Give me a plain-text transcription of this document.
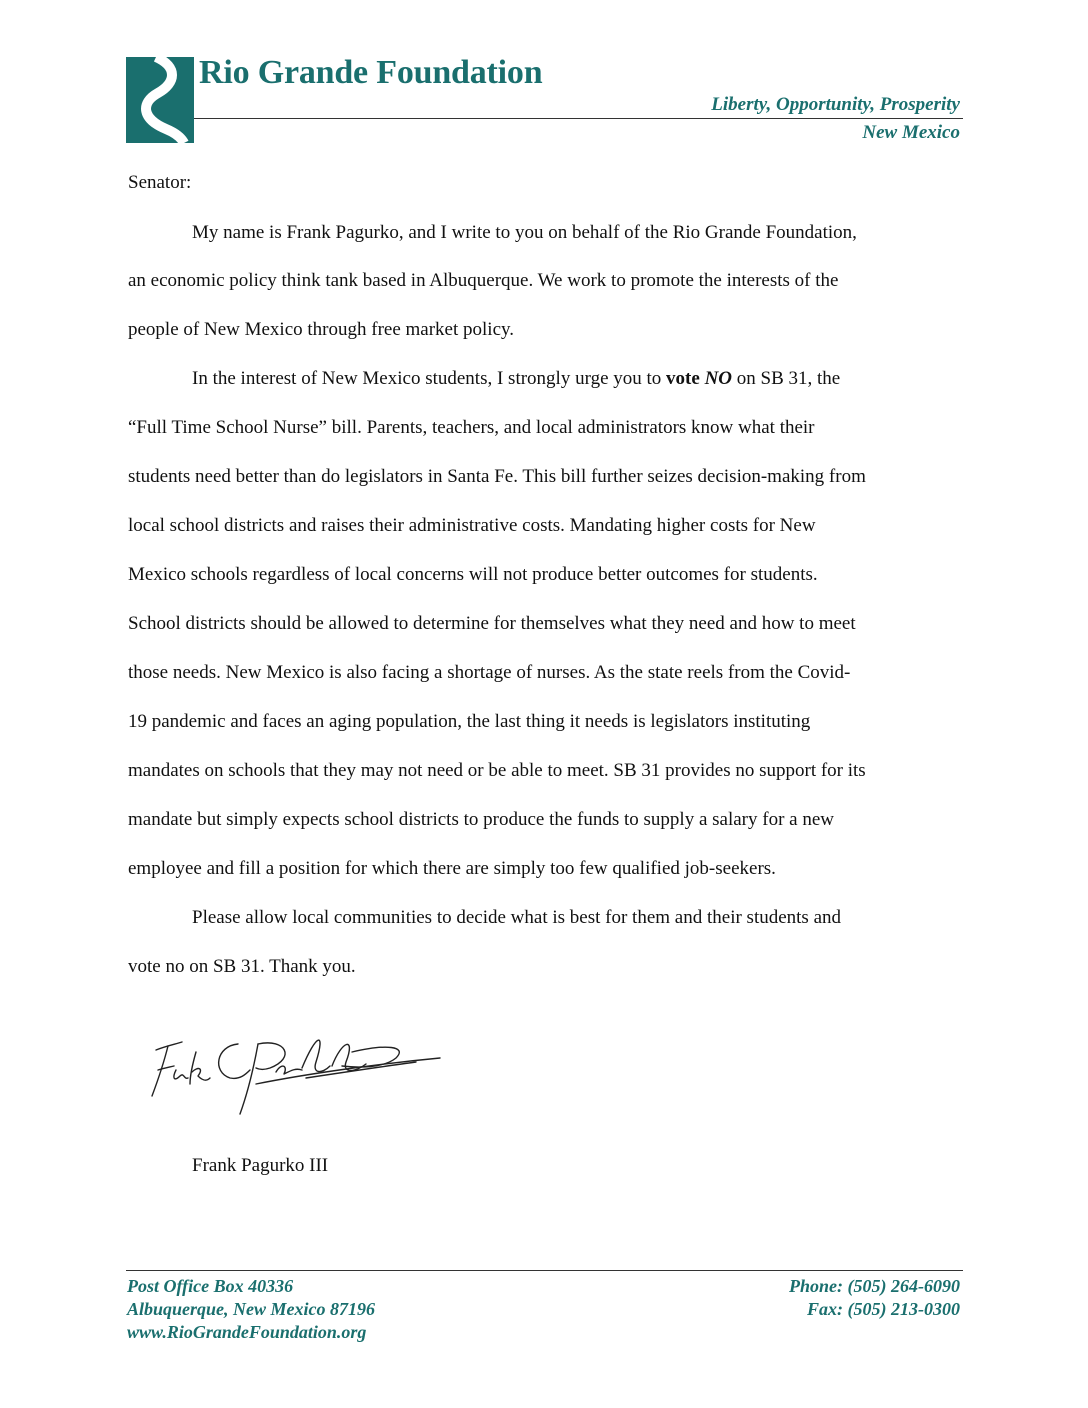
Rio Grande Foundation
Liberty, Opportunity, Prosperity
New Mexico
Senator:
My name is Frank Pagurko, and I write to you on behalf of the Rio Grande Foundation,
an economic policy think tank based in Albuquerque. We work to promote the interests of the
people of New Mexico through free market policy.
In the interest of New Mexico students, I strongly urge you to vote NO on SB 31, the
“Full Time School Nurse” bill. Parents, teachers, and local administrators know what their
students need better than do legislators in Santa Fe. This bill further seizes decision-making from
local school districts and raises their administrative costs. Mandating higher costs for New
Mexico schools regardless of local concerns will not produce better outcomes for students.
School districts should be allowed to determine for themselves what they need and how to meet
those needs. New Mexico is also facing a shortage of nurses. As the state reels from the Covid-
19 pandemic and faces an aging population, the last thing it needs is legislators instituting
mandates on schools that they may not need or be able to meet. SB 31 provides no support for its
mandate but simply expects school districts to produce the funds to supply a salary for a new
employee and fill a position for which there are simply too few qualified job-seekers.
Please allow local communities to decide what is best for them and their students and
vote no on SB 31. Thank you.
Frank Pagurko III
Post Office Box 40336
Albuquerque, New Mexico 87196
www.RioGrandeFoundation.org
Phone: (505) 264-6090
Fax: (505) 213-0300
